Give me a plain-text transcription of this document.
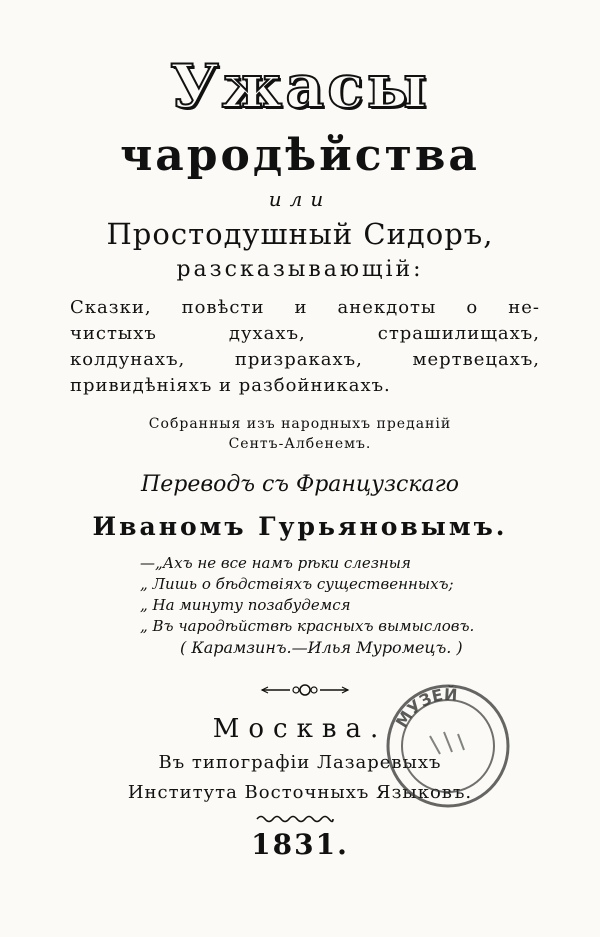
Ужасы
чародѣйства
или
Простодушный Сидоръ,
разсказывающiй:
Сказки, повѣсти и анекдоты о не-
чистыхъ духахъ, страшилищахъ,
колдунахъ, призракахъ, мертвецахъ,
привидѣнiяхъ и разбойникахъ.
Собранныя изъ народныхъ преданiй
Сентъ-Албенемъ.
Переводъ съ Французскаго
Иваномъ Гурьяновымъ.
—„Ахъ не все намъ рѣки слезныя
„ Лишь о бѣдствiяхъ существенныхъ;
„ На минуту позабудемся
„ Въ чародѣйствѣ красныхъ вымысловъ.
( Карамзинъ.—Илья Муромецъ. )
Москва.
Въ типографiи Лазаревыхъ
Института Восточныхъ Языковъ.
1831.
МУЗЕЙ
